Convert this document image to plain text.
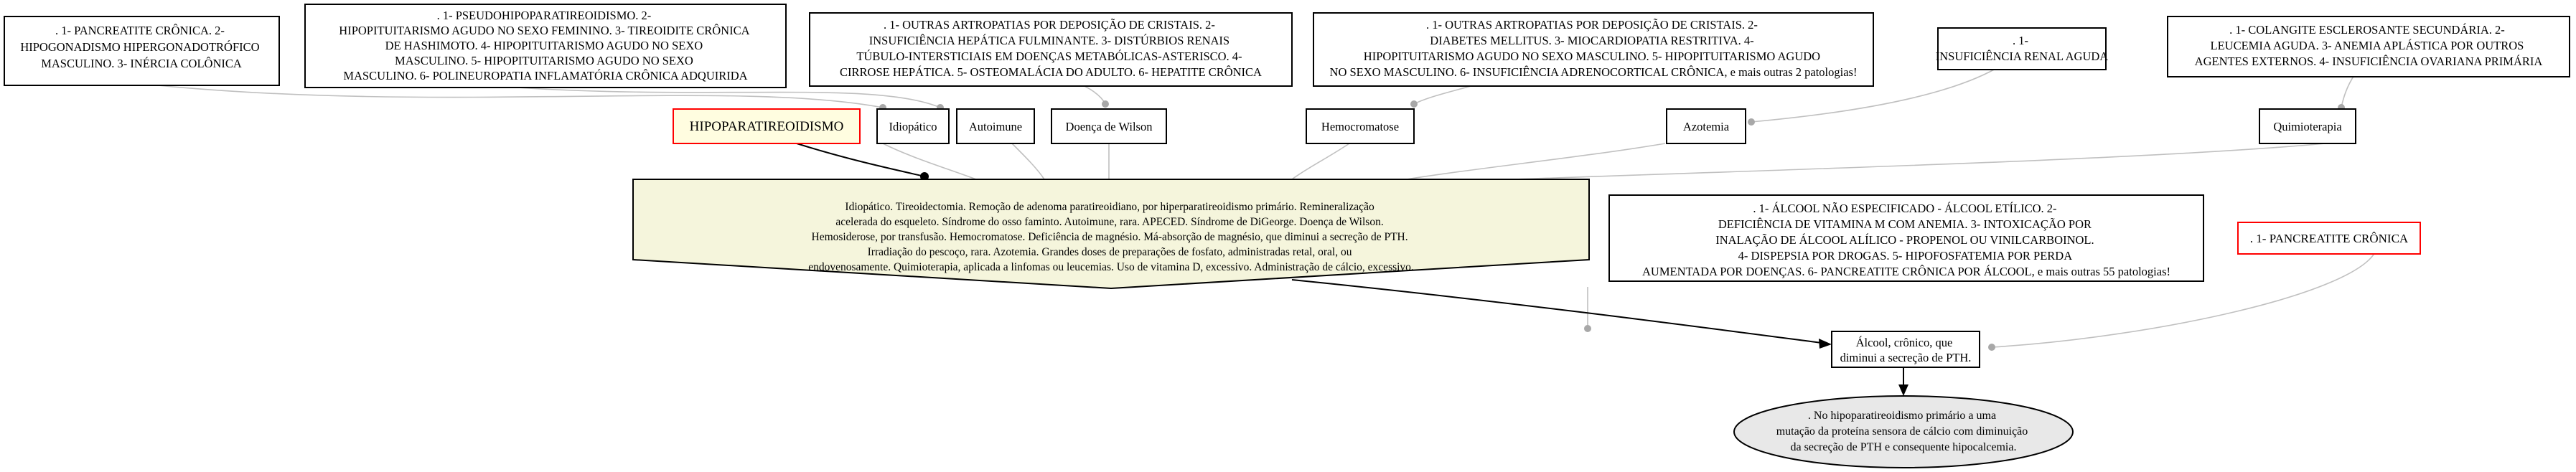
. 1- PANCREATITE CRÔNICA. 2- HIPOGONADISMO HIPERGONADOTRÓFICO MASCULINO. 3- INÉRCIA COLÔNICA
. 1- PSEUDOHIPOPARATIREOIDISMO. 2- HIPOPITUITARISMO AGUDO NO SEXO FEMININO. 3- TIREOIDITE CRÔNICA DE HASHIMOTO. 4- HIPOPITUITARISMO AGUDO NO SEXO MASCULINO. 5- HIPOPITUITARISMO AGUDO NO SEXO MASCULINO. 6- POLINEUROPATIA INFLAMATÓRIA CRÔNICA ADQUIRIDA
. 1- OUTRAS ARTROPATIAS POR DEPOSIÇÃO DE CRISTAIS. 2- INSUFICIÊNCIA HEPÁTICA FULMINANTE. 3- DISTÚRBIOS RENAIS TÚBULO-INTERSTICIAIS EM DOENÇAS METABÓLICAS-ASTERISCO. 4- CIRROSE HEPÁTICA. 5- OSTEOMALÁCIA DO ADULTO. 6- HEPATITE CRÔNICA
. 1- OUTRAS ARTROPATIAS POR DEPOSIÇÃO DE CRISTAIS. 2- DIABETES MELLITUS. 3- MIOCARDIOPATIA RESTRITIVA. 4- HIPOPITUITARISMO AGUDO NO SEXO MASCULINO. 5- HIPOPITUITARISMO AGUDO NO SEXO MASCULINO. 6- INSUFICIÊNCIA ADRENOCORTICAL CRÔNICA, e mais outras 2 patologias!
. 1- INSUFICIÊNCIA RENAL AGUDA
. 1- COLANGITE ESCLEROSANTE SECUNDÁRIA. 2- LEUCEMIA AGUDA. 3- ANEMIA APLÁSTICA POR OUTROS AGENTES EXTERNOS. 4- INSUFICIÊNCIA OVARIANA PRIMÁRIA
HIPOPARATIREOIDISMO	Idiopático	Autoimune	Doença de Wilson	Hemocromatose	Azotemia	Quimioterapia
Idiopático. Tireoidectomia. Remoção de adenoma paratireoidiano, por hiperparatireoidismo primário. Remineralização acelerada do esqueleto. Síndrome do osso faminto. Autoimune, rara. APECED. Síndrome de DiGeorge. Doença de Wilson. Hemosiderose, por transfusão. Hemocromatose. Deficiência de magnésio. Má-absorção de magnésio, que diminui a secreção de PTH. Irradiação do pescoço, rara. Azotemia. Grandes doses de preparações de fosfato, administradas retal, oral, ou endovenosamente. Quimioterapia, aplicada a linfomas ou leucemias. Uso de vitamina D, excessivo. Administração de cálcio, excessivo.
. 1- ÁLCOOL NÃO ESPECIFICADO - ÁLCOOL ETÍLICO. 2- DEFICIÊNCIA DE VITAMINA M COM ANEMIA. 3- INTOXICAÇÃO POR INALAÇÃO DE ÁLCOOL ALÍLICO - PROPENOL OU VINILCARBOINOL. 4- DISPEPSIA POR DROGAS. 5- HIPOFOSFATEMIA POR PERDA AUMENTADA POR DOENÇAS. 6- PANCREATITE CRÔNICA POR ÁLCOOL, e mais outras 55 patologias!
. 1- PANCREATITE CRÔNICA
Álcool, crônico, que diminui a secreção de PTH.
. No hipoparatireoidismo primário a uma mutação da proteína sensora de cálcio com diminuição da secreção de PTH e consequente hipocalcemia.
